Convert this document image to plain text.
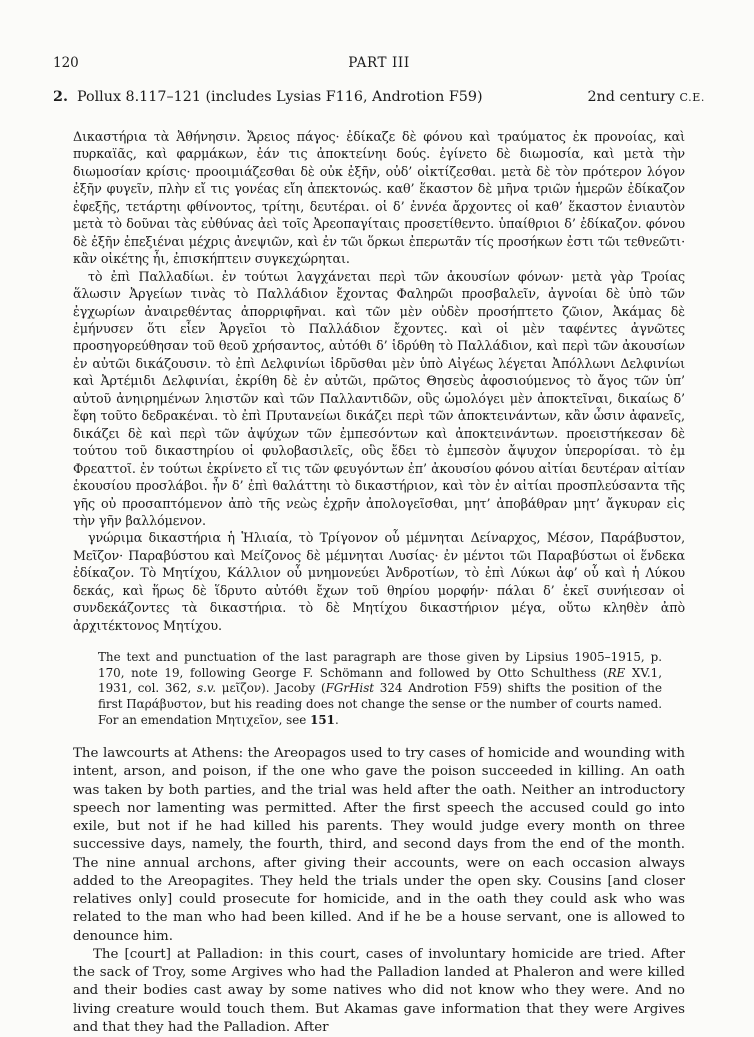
120	PART III
2. Pollux 8.117–121 (includes Lysias F116, Androtion F59)	2nd century C.E.

Δικαστήρια τὰ Ἀθήνησιν. Ἄρειος πάγος· ἐδίκαζε δὲ φόνου καὶ τραύματος ἐκ προνοίας, καὶ πυρκαϊᾶς, καὶ φαρμάκων, ἐάν τις ἀποκτείνηι δούς. ἐγίνετο δὲ διωμοσία, καὶ μετὰ τὴν διωμοσίαν κρίσις· προοιμιάζεσθαι δὲ οὐκ ἐξῆν, οὐδ’ οἰκτίζεσθαι. μετὰ δὲ τὸν πρότερον λόγον ἐξῆν φυγεῖν, πλὴν εἴ τις γονέας εἴη ἀπεκτονώς. καθ’ ἕκαστον δὲ μῆνα τριῶν ἡμερῶν ἐδίκαζον ἐφεξῆς, τετάρτηι φθίνοντος, τρίτηι, δευτέραι. οἱ δ’ ἐννέα ἄρχοντες οἱ καθ’ ἕκαστον ἐνιαυτὸν μετὰ τὸ δοῦναι τὰς εὐθύνας ἀεὶ τοῖς Ἀρεοπαγίταις προσετίθεντο. ὑπαίθριοι δ’ ἐδίκαζον. φόνου δὲ ἐξῆν ἐπεξιέναι μέχρις ἀνεψιῶν, καὶ ἐν τῶι ὅρκωι ἐπερωτᾶν τίς προσήκων ἐστι τῶι τεθνεῶτι· κἂν οἰκέτης ἦι, ἐπισκήπτειν συγκεχώρηται.

τὸ ἐπὶ Παλλαδίωι. ἐν τούτωι λαγχάνεται περὶ τῶν ἀκουσίων φόνων· μετὰ γὰρ Τροίας ἅλωσιν Ἀργείων τινὰς τὸ Παλλάδιον ἔχοντας Φαληρῶι προσβαλεῖν, ἀγνοίαι δὲ ὑπὸ τῶν ἐγχωρίων ἀναιρεθέντας ἀπορριφῆναι. καὶ τῶν μὲν οὐδὲν προσήπτετο ζῶιον, Ἀκάμας δὲ ἐμήνυσεν ὅτι εἶεν Ἀργεῖοι τὸ Παλλάδιον ἔχοντες. καὶ οἱ μὲν ταφέντες ἀγνῶτες προσηγορεύθησαν τοῦ θεοῦ χρήσαντος, αὐτόθι δ’ ἱδρύθη τὸ Παλλάδιον, καὶ περὶ τῶν ἀκουσίων ἐν αὐτῶι δικάζουσιν. τὸ ἐπὶ Δελφινίωι ἱδρῦσθαι μὲν ὑπὸ Αἰγέως λέγεται Ἀπόλλωνι Δελφινίωι καὶ Ἀρτέμιδι Δελφινίαι, ἐκρίθη δὲ ἐν αὐτῶι, πρῶτος Θησεὺς ἀφοσιούμενος τὸ ἄγος τῶν ὑπ’ αὐτοῦ ἀνηιρημένων ληιστῶν καὶ τῶν Παλλαντιδῶν, οὓς ὡμολόγει μὲν ἀποκτεῖναι, δικαίως δ’ ἔφη τοῦτο δεδρακέναι. τὸ ἐπὶ Πρυτανείωι δικάζει περὶ τῶν ἀποκτεινάντων, κἂν ὦσιν ἀφανεῖς, δικάζει δὲ καὶ περὶ τῶν ἀψύχων τῶν ἐμπεσόντων καὶ ἀποκτεινάντων. προειστήκεσαν δὲ τούτου τοῦ δικαστηρίου οἱ φυλοβασιλεῖς, οὓς ἔδει τὸ ἐμπεσὸν ἄψυχον ὑπερορίσαι. τὸ ἐμ Φρεαττοῖ. ἐν τούτωι ἐκρίνετο εἴ τις τῶν φευγόντων ἐπ’ ἀκουσίου φόνου αἰτίαι δευτέραν αἰτίαν ἑκουσίου προσλάβοι. ἦν δ’ ἐπὶ θαλάττηι τὸ δικαστήριον, καὶ τὸν ἐν αἰτίαι προσπλεύσαντα τῆς γῆς οὐ προσαπτόμενον ἀπὸ τῆς νεὼς ἐχρῆν ἀπολογεῖσθαι, μητ’ ἀποβάθραν μητ’ ἄγκυραν εἰς τὴν γῆν βαλλόμενον.

γνώριμα δικαστήρια ἡ Ἡλιαία, τὸ Τρίγονον οὗ μέμνηται Δείναρχος, Μέσον, Παράβυστον, Μεῖζον· Παραβύστου καὶ Μείζονος δὲ μέμνηται Λυσίας· ἐν μέντοι τῶι Παραβύστωι οἱ ἕνδεκα ἐδίκαζον. Τὸ Μητίχου, Κάλλιον οὗ μνημονεύει Ἀνδροτίων, τὸ ἐπὶ Λύκωι ἀφ’ οὗ καὶ ἡ Λύκου δεκάς, καὶ ἥρως δὲ ἵδρυτο αὐτόθι ἔχων τοῦ θηρίου μορφήν· πάλαι δ’ ἐκεῖ συνήιεσαν οἱ συνδεκάζοντες τὰ δικαστήρια. τὸ δὲ Μητίχου δικαστήριον μέγα, οὕτω κληθὲν ἀπὸ ἀρχιτέκτονος Μητίχου.

The text and punctuation of the last paragraph are those given by Lipsius 1905–1915, p. 170, note 19, following George F. Schömann and followed by Otto Schulthess (RE XV.1, 1931, col. 362, s.v. μεῖζον). Jacoby (FGrHist 324 Androtion F59) shifts the position of the first Παράβυστον, but his reading does not change the sense or the number of courts named. For an emendation Μητιχεῖον, see 151.

The lawcourts at Athens: the Areopagos used to try cases of homicide and wounding with intent, arson, and poison, if the one who gave the poison succeeded in killing. An oath was taken by both parties, and the trial was held after the oath. Neither an introductory speech nor lamenting was permitted. After the first speech the accused could go into exile, but not if he had killed his parents. They would judge every month on three successive days, namely, the fourth, third, and second days from the end of the month. The nine annual archons, after giving their accounts, were on each occasion always added to the Areopagites. They held the trials under the open sky. Cousins [and closer relatives only] could prosecute for homicide, and in the oath they could ask who was related to the man who had been killed. And if he be a house servant, one is allowed to denounce him.

The [court] at Palladion: in this court, cases of involuntary homicide are tried. After the sack of Troy, some Argives who had the Palladion landed at Phaleron and were killed and their bodies cast away by some natives who did not know who they were. And no living creature would touch them. But Akamas gave information that they were Argives and that they had the Palladion. After
